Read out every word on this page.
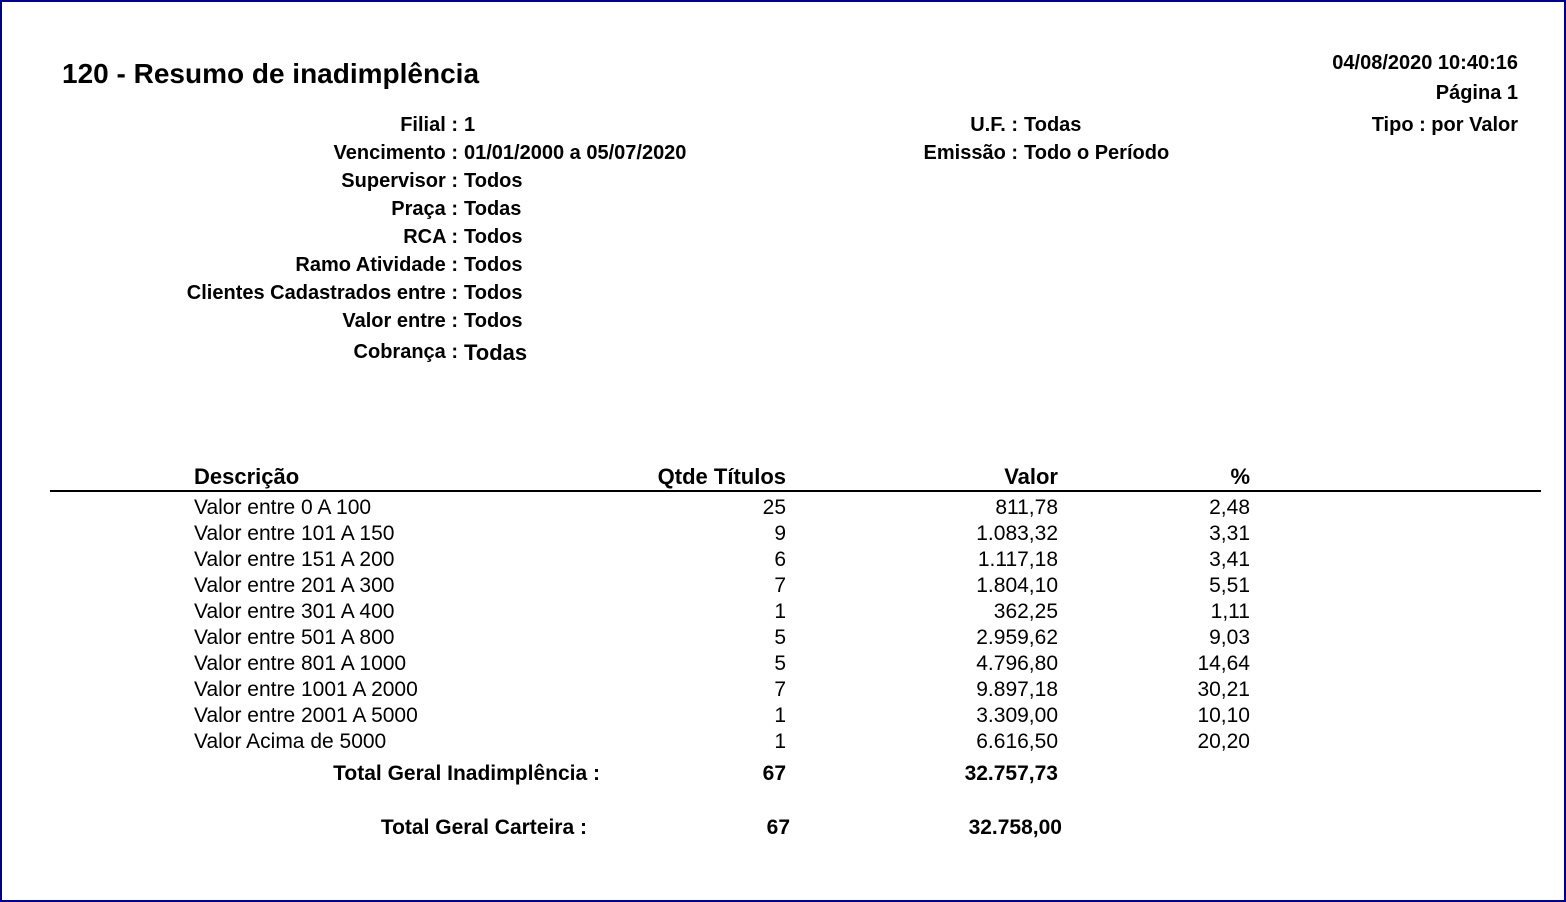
120 - Resumo de inadimplência	04/08/2020 10:40:16
Página 1
Tipo : por Valor
Filial : 1
Vencimento : 01/01/2000 a 05/07/2020
Supervisor : Todos
Praça : Todas
RCA : Todos
Ramo Atividade : Todos
Clientes Cadastrados entre : Todos
Valor entre : Todos
Cobrança : Todas
U.F. : Todas
Emissão : Todo o Período
Descrição	Qtde Títulos	Valor	%
Valor entre 0 A 100	25	811,78	2,48
Valor entre 101 A 150	9	1.083,32	3,31
Valor entre 151 A 200	6	1.117,18	3,41
Valor entre 201 A 300	7	1.804,10	5,51
Valor entre 301 A 400	1	362,25	1,11
Valor entre 501 A 800	5	2.959,62	9,03
Valor entre 801 A 1000	5	4.796,80	14,64
Valor entre 1001 A 2000	7	9.897,18	30,21
Valor entre 2001 A 5000	1	3.309,00	10,10
Valor Acima de 5000	1	6.616,50	20,20
Total Geral Inadimplência :	67	32.757,73
Total Geral Carteira :	67	32.758,00
